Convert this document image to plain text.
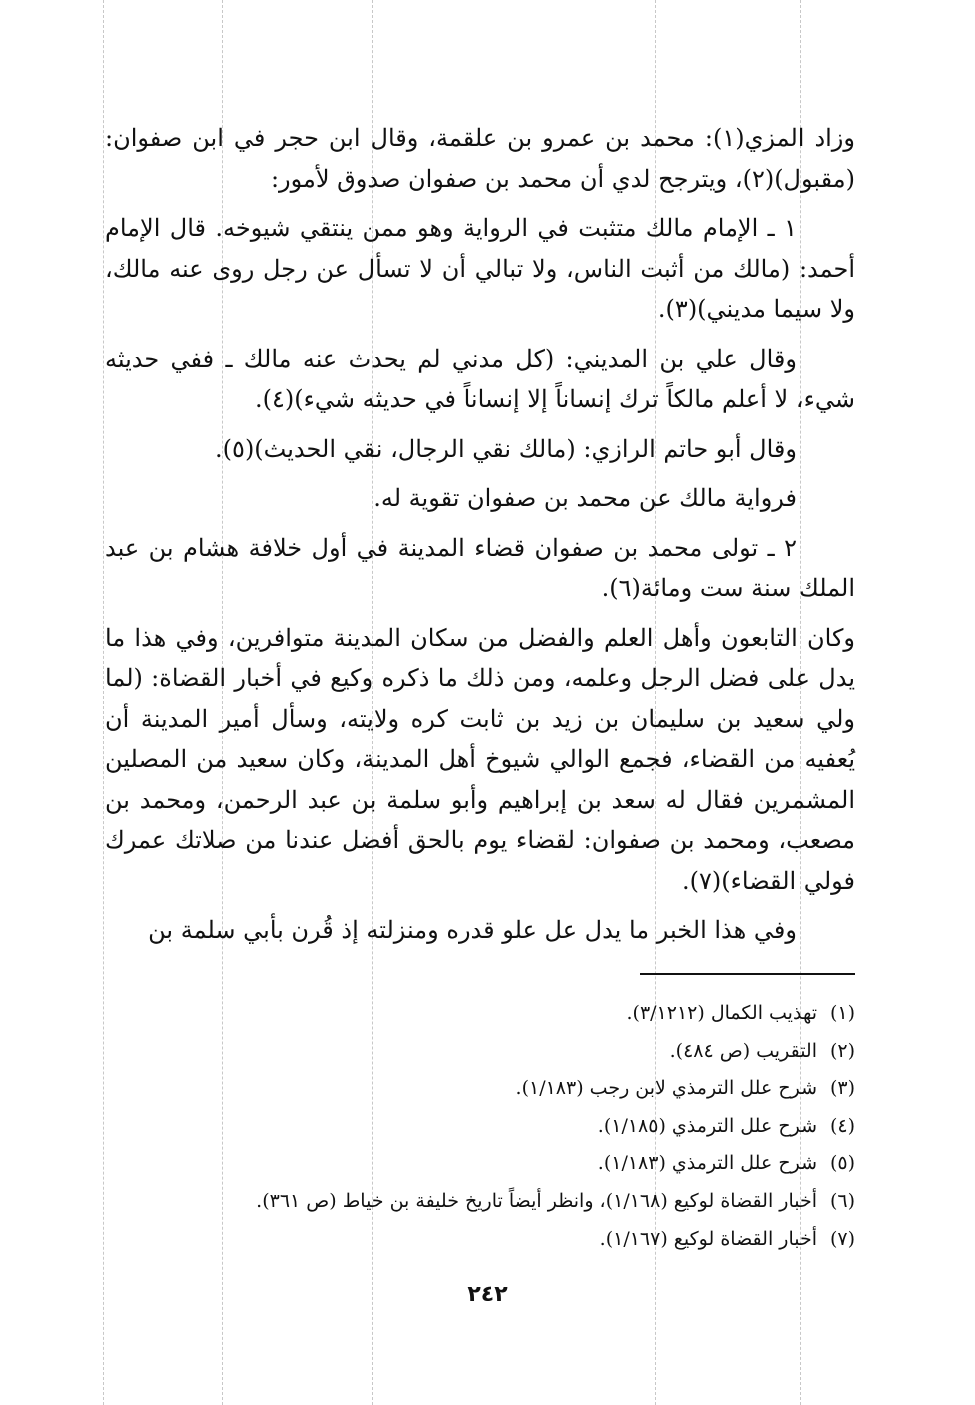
وزاد المزي(١): محمد بن عمرو بن علقمة، وقال ابن حجر في ابن صفوان: (مقبول)(٢)، ويترجح لدي أن محمد بن صفوان صدوق لأمور:

١ ـ الإمام مالك متثبت في الرواية وهو ممن ينتقي شيوخه. قال الإمام أحمد: (مالك من أثبت الناس، ولا تبالي أن لا تسأل عن رجل روى عنه مالك، ولا سيما مديني)(٣).

وقال علي بن المديني: (كل مدني لم يحدث عنه مالك ـ ففي حديثه شيء، لا أعلم مالكاً ترك إنساناً إلا إنساناً في حديثه شيء)(٤).

وقال أبو حاتم الرازي: (مالك نقي الرجال، نقي الحديث)(٥).

فرواية مالك عن محمد بن صفوان تقوية له.

٢ ـ تولى محمد بن صفوان قضاء المدينة في أول خلافة هشام بن عبد الملك سنة ست ومائة(٦).

وكان التابعون وأهل العلم والفضل من سكان المدينة متوافرين، وفي هذا ما يدل على فضل الرجل وعلمه، ومن ذلك ما ذكره وكيع في أخبار القضاة: (لما ولي سعيد بن سليمان بن زيد بن ثابت كره ولايته، وسأل أمير المدينة أن يُعفيه من القضاء، فجمع الوالي شيوخ أهل المدينة، وكان سعيد من المصلين المشمرين فقال له سعد بن إبراهيم وأبو سلمة بن عبد الرحمن، ومحمد بن مصعب، ومحمد بن صفوان: لقضاء يوم بالحق أفضل عندنا من صلاتك عمرك فولي القضاء)(٧).

وفي هذا الخبر ما يدل عل علو قدره ومنزلته إذ قُرن بأبي سلمة بن

(١)
تهذيب الكمال (٣/١٢١٢).
(٢)
التقريب (ص ٤٨٤).
(٣)
شرح علل الترمذي لابن رجب (١/١٨٣).
(٤)
شرح علل الترمذي (١/١٨٥).
(٥)
شرح علل الترمذي (١/١٨٣).
(٦)
أخبار القضاة لوكيع (١/١٦٨)، وانظر أيضاً تاريخ خليفة بن خياط (ص ٣٦١).
(٧)
أخبار القضاة لوكيع (١/١٦٧).
٢٤٢
